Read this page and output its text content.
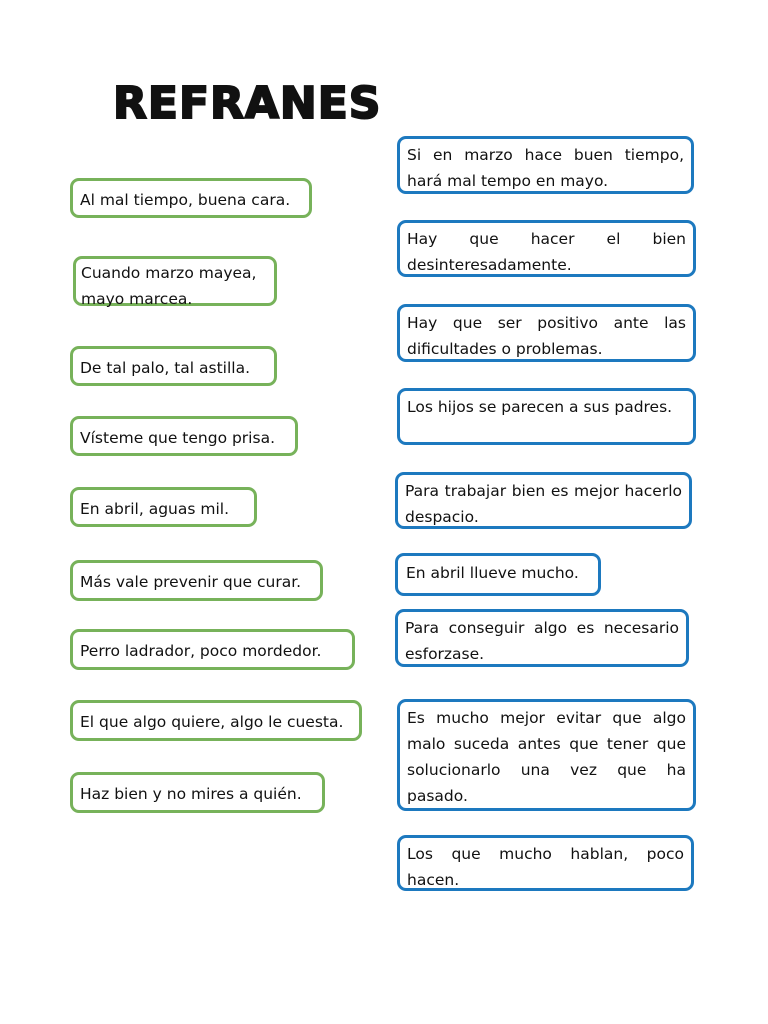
REFRANES
Al mal tiempo, buena cara.
Cuando marzo mayea, mayo marcea.
De tal palo, tal astilla.
Vísteme que tengo prisa.
En abril, aguas mil.
Más vale prevenir que curar.
Perro ladrador, poco mordedor.
El que algo quiere, algo le cuesta.
Haz bien y no mires a quién.
Si en marzo hace buen tiempo, hará mal tempo en mayo.
Hay que hacer el bien desinteresadamente.
Hay que ser positivo ante las dificultades o problemas.
Los hijos se parecen a sus padres.
Para trabajar bien es mejor hacerlo despacio.
En abril llueve mucho.
Para conseguir algo es necesario esforzase.
Es mucho mejor evitar que algo malo suceda antes que tener que solucionarlo una vez que ha pasado.
Los que mucho hablan, poco hacen.
